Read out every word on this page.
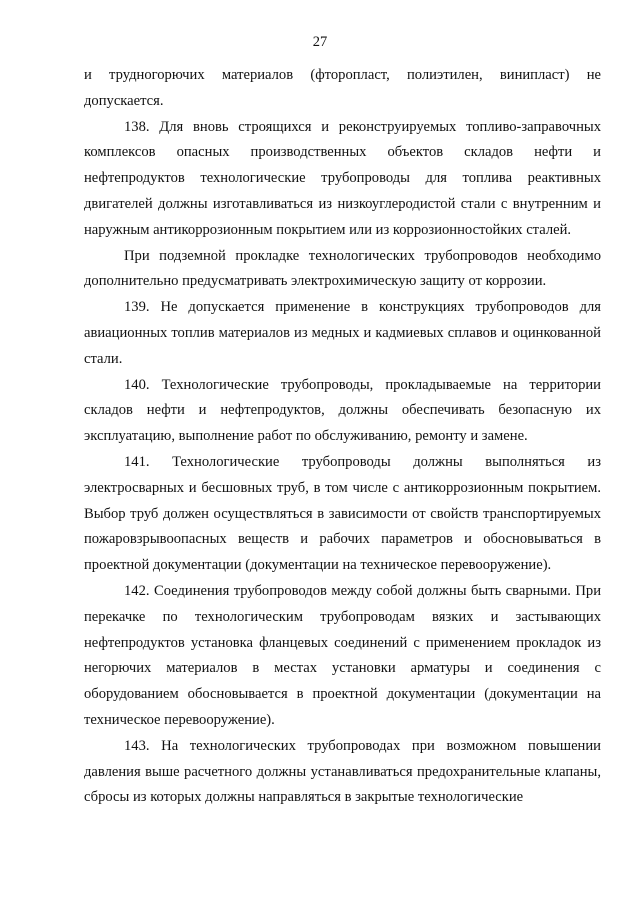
27

и трудногорючих материалов (фторопласт, полиэтилен, винипласт) не допускается.

138. Для вновь строящихся и реконструируемых топливо-заправочных комплексов опасных производственных объектов складов нефти и нефтепродуктов технологические трубопроводы для топлива реактивных двигателей должны изготавливаться из низкоуглеродистой стали с внутренним и наружным антикоррозионным покрытием или из коррозионностойких сталей.

При подземной прокладке технологических трубопроводов необходимо дополнительно предусматривать электрохимическую защиту от коррозии.

139. Не допускается применение в конструкциях трубопроводов для авиационных топлив материалов из медных и кадмиевых сплавов и оцинкованной стали.

140. Технологические трубопроводы, прокладываемые на территории складов нефти и нефтепродуктов, должны обеспечивать безопасную их эксплуатацию, выполнение работ по обслуживанию, ремонту и замене.

141. Технологические трубопроводы должны выполняться из электросварных и бесшовных труб, в том числе с антикоррозионным покрытием. Выбор труб должен осуществляться в зависимости от свойств транспортируемых пожаровзрывоопасных веществ и рабочих параметров и обосновываться в проектной документации (документации на техническое перевооружение).

142. Соединения трубопроводов между собой должны быть сварными. При перекачке по технологическим трубопроводам вязких и застывающих нефтепродуктов установка фланцевых соединений с применением прокладок из негорючих материалов в местах установки арматуры и соединения с оборудованием обосновывается в проектной документации (документации на техническое перевооружение).

143. На технологических трубопроводах при возможном повышении давления выше расчетного должны устанавливаться предохранительные клапаны, сбросы из которых должны направляться в закрытые технологические
